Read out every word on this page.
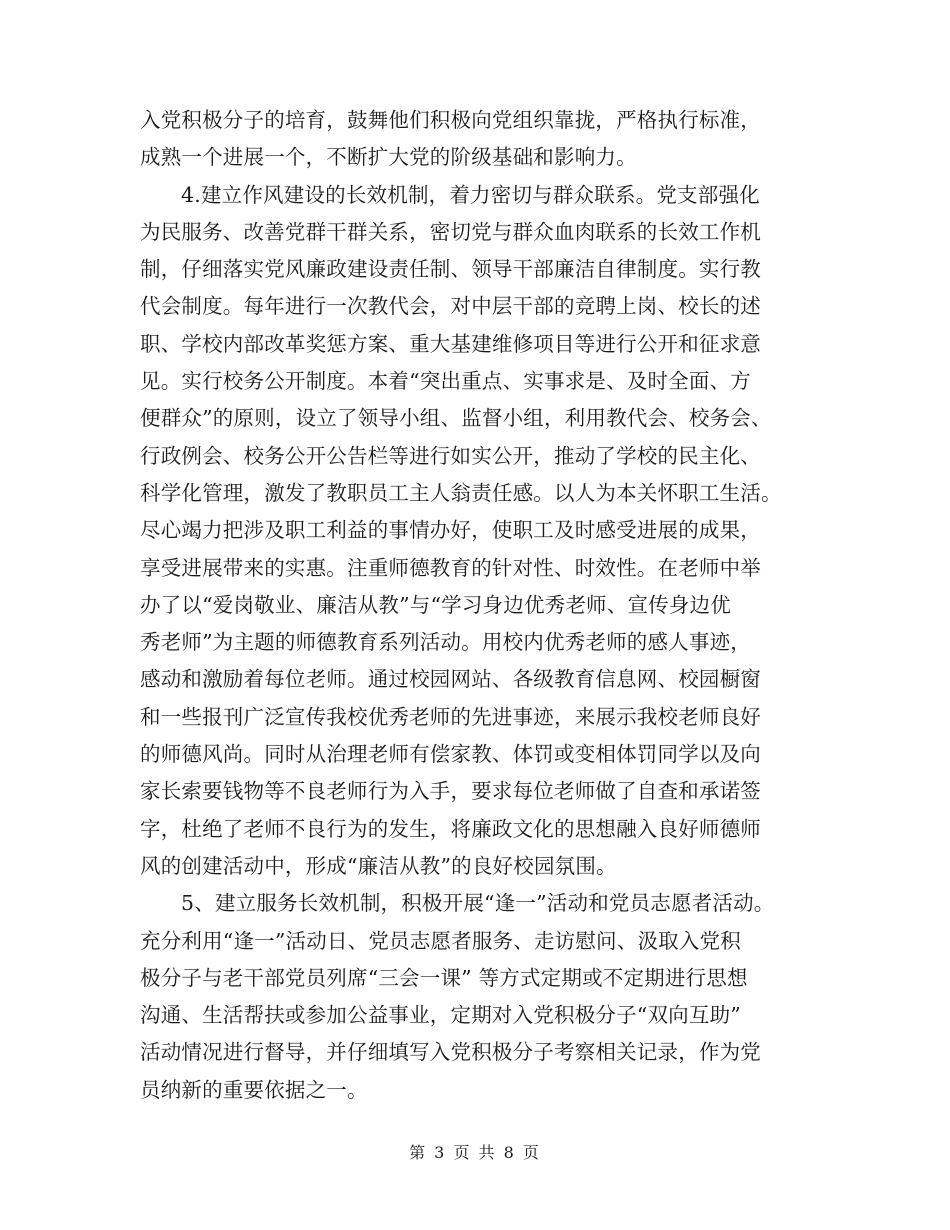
入党积极分子的培育，鼓舞他们积极向党组织靠拢，严格执行标准，
成熟一个进展一个，不断扩大党的阶级基础和影响力。
4.建立作风建设的长效机制，着力密切与群众联系。党支部强化
为民服务、改善党群干群关系，密切党与群众血肉联系的长效工作机
制，仔细落实党风廉政建设责任制、领导干部廉洁自律制度。实行教
代会制度。每年进行一次教代会，对中层干部的竞聘上岗、校长的述
职、学校内部改革奖惩方案、重大基建维修项目等进行公开和征求意
见。实行校务公开制度。本着“突出重点、实事求是、及时全面、方
便群众”的原则，设立了领导小组、监督小组，利用教代会、校务会、
行政例会、校务公开公告栏等进行如实公开，推动了学校的民主化、
科学化管理，激发了教职员工主人翁责任感。以人为本关怀职工生活。
尽心竭力把涉及职工利益的事情办好，使职工及时感受进展的成果，
享受进展带来的实惠。注重师德教育的针对性、时效性。在老师中举
办了以“爱岗敬业、廉洁从教”与“学习身边优秀老师、宣传身边优
秀老师”为主题的师德教育系列活动。用校内优秀老师的感人事迹，
感动和激励着每位老师。通过校园网站、各级教育信息网、校园橱窗
和一些报刊广泛宣传我校优秀老师的先进事迹，来展示我校老师良好
的师德风尚。同时从治理老师有偿家教、体罚或变相体罚同学以及向
家长索要钱物等不良老师行为入手，要求每位老师做了自查和承诺签
字，杜绝了老师不良行为的发生，将廉政文化的思想融入良好师德师
风的创建活动中，形成“廉洁从教”的良好校园氛围。
5、建立服务长效机制，积极开展“逢一”活动和党员志愿者活动。
充分利用“逢一”活动日、党员志愿者服务、走访慰问、汲取入党积
极分子与老干部党员列席“三会一课” 等方式定期或不定期进行思想
沟通、生活帮扶或参加公益事业，定期对入党积极分子“双向互助”
活动情况进行督导，并仔细填写入党积极分子考察相关记录，作为党
员纳新的重要依据之一。
第 3 页 共 8 页
